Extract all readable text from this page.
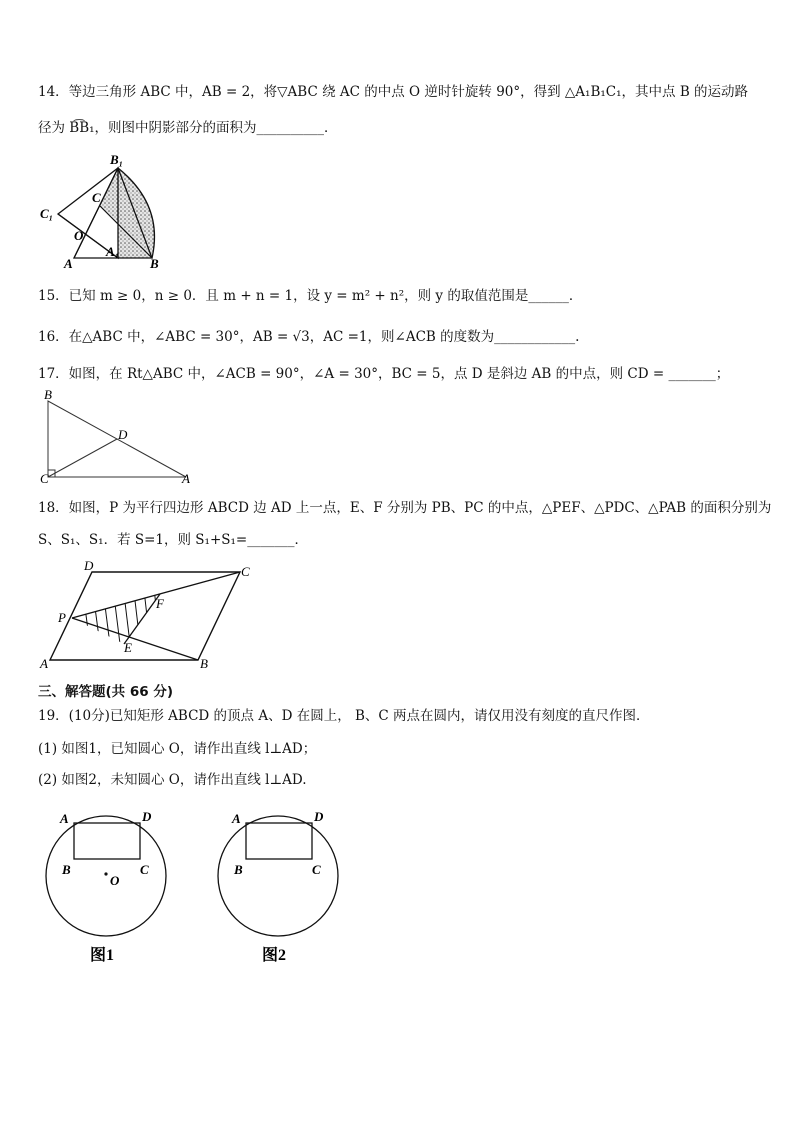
14．等边三角形 ABC 中，AB = 2，将▽ABC 绕 AC 的中点 O 逆时针旋转 90°，得到 △A₁B₁C₁，其中点 B 的运动路
径为 B͡B₁，则图中阴影部分的面积为__________．
B₁
C
C₁
O
A
A₁
B
15．已知 m ≥ 0，n ≥ 0．且 m + n = 1，设 y = m² + n²，则 y 的取值范围是______．
16．在△ABC 中，∠ABC = 30°，AB = √3，AC =1，则∠ACB 的度数为____________.
17．如图，在 Rt△ABC 中，∠ACB = 90°，∠A = 30°，BC = 5，点 D 是斜边 AB 的中点，则 CD = _______；
B
D
C	A
18．如图，P 为平行四边形 ABCD 边 AD 上一点，E、F 分别为 PB、PC 的中点，△PEF、△PDC、△PAB 的面积分别为
S、S₁、S₁．若 S=1，则 S₁+S₁=_______．
D	C
F
P
E
A	B
三、解答题(共 66 分)
19．(10分)已知矩形 ABCD 的顶点 A、D 在圆上， B、C 两点在圆内，请仅用没有刻度的直尺作图．
(1) 如图1，已知圆心 O，请作出直线 l⊥AD；
(2) 如图2，未知圆心 O，请作出直线 l⊥AD.
A	D
B	C
O
图1
A	D
B	C
图2
